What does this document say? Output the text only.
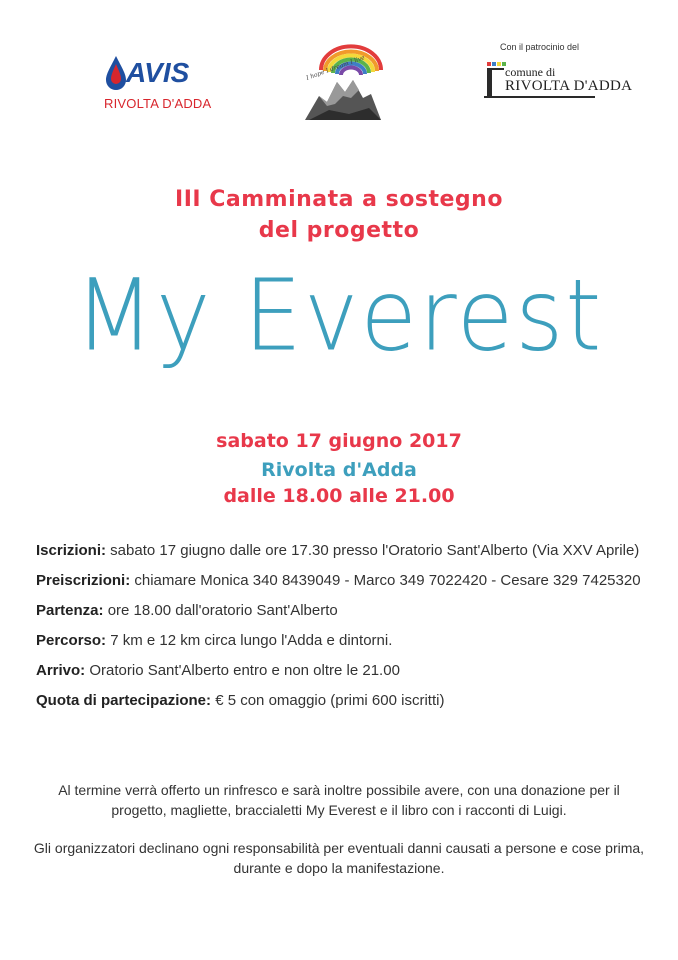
AVIS
RIVOLTA D'ADDA
I hope I dream I live
Con il patrocinio del
comune di
RIVOLTA D'ADDA
III Camminata a sostegno
del progetto
My Everest
sabato 17 giugno 2017
Rivolta d'Adda
dalle 18.00 alle 21.00
Iscrizioni: sabato 17 giugno dalle ore 17.30 presso l'Oratorio Sant'Alberto (Via XXV Aprile)
Preiscrizioni: chiamare Monica 340 8439049 - Marco 349 7022420 - Cesare 329 7425320
Partenza: ore 18.00 dall'oratorio Sant'Alberto
Percorso: 7 km e 12 km circa lungo l'Adda e dintorni.
Arrivo: Oratorio Sant'Alberto entro e non oltre le 21.00
Quota di partecipazione: € 5 con omaggio (primi 600 iscritti)
Al termine verrà offerto un rinfresco e sarà inoltre possibile avere, con una donazione per il progetto, magliette, braccialetti My Everest e il libro con i racconti di Luigi.
Gli organizzatori declinano ogni responsabilità per eventuali danni causati a persone e cose prima, durante e dopo la manifestazione.
